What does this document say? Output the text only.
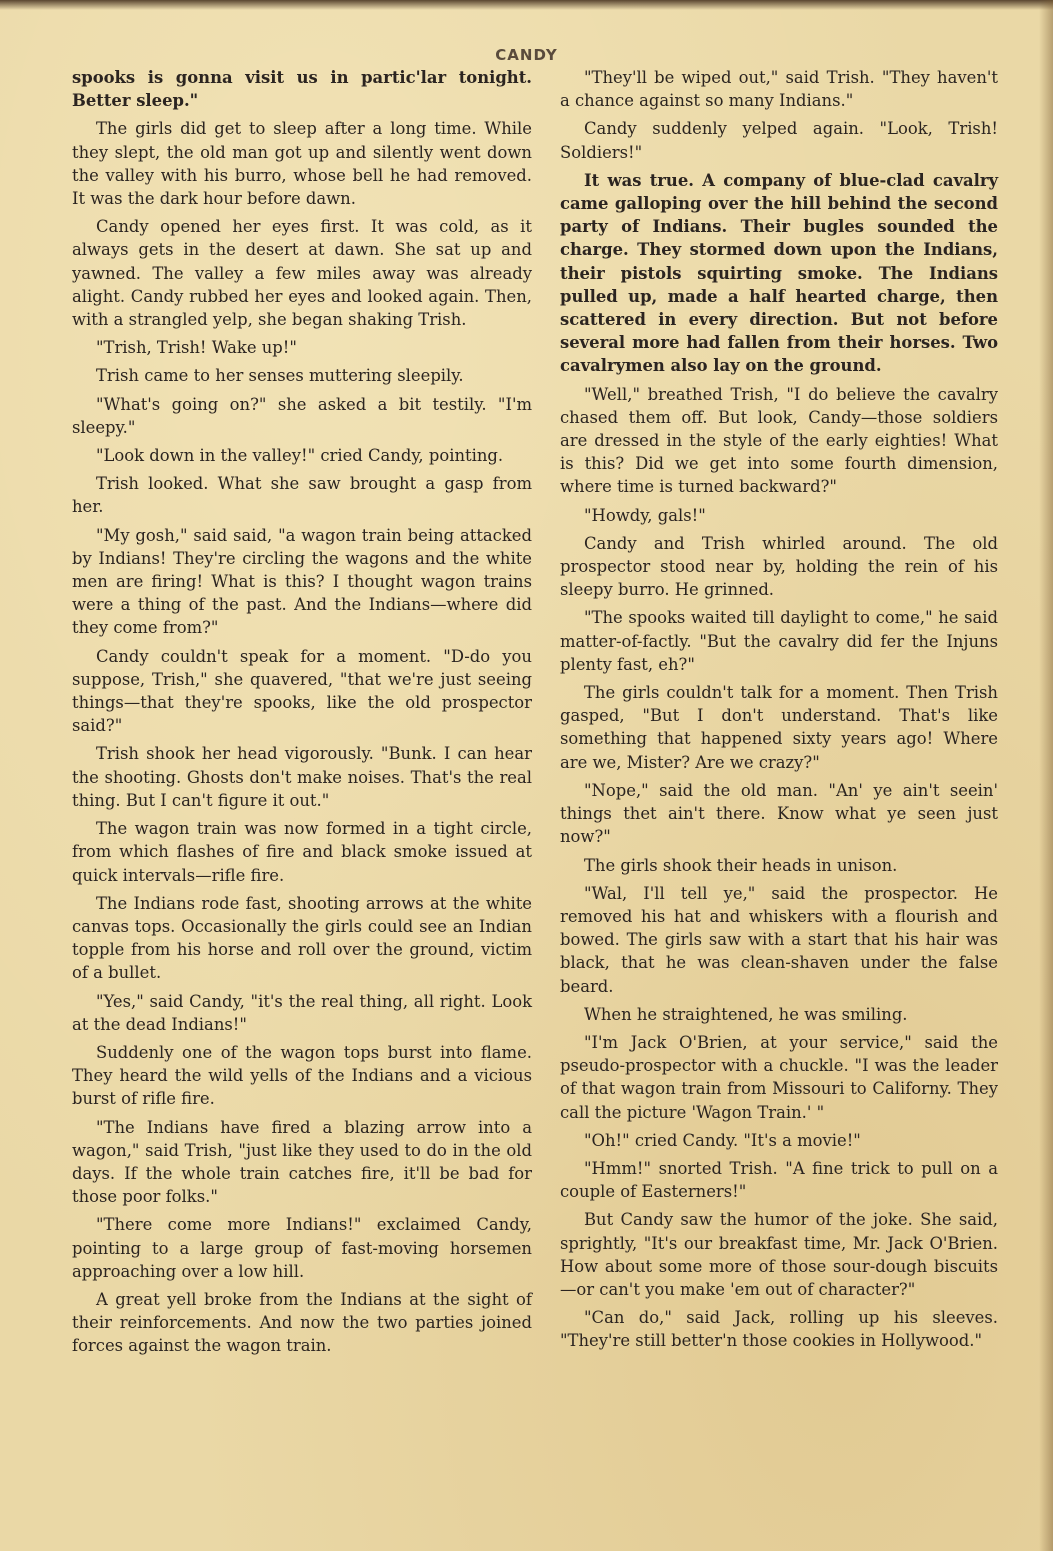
CANDY

spooks is gonna visit us in partic'lar tonight. Better sleep."

The girls did get to sleep after a long time. While they slept, the old man got up and silently went down the valley with his burro, whose bell he had removed. It was the dark hour before dawn.

Candy opened her eyes first. It was cold, as it always gets in the desert at dawn. She sat up and yawned. The valley a few miles away was already alight. Candy rubbed her eyes and looked again. Then, with a strangled yelp, she began shaking Trish.

"Trish, Trish! Wake up!"

Trish came to her senses muttering sleepily.

"What's going on?" she asked a bit testily. "I'm sleepy."

"Look down in the valley!" cried Candy, pointing.

Trish looked. What she saw brought a gasp from her.

"My gosh," said said, "a wagon train being attacked by Indians! They're circling the wagons and the white men are firing! What is this? I thought wagon trains were a thing of the past. And the Indians—where did they come from?"

Candy couldn't speak for a moment. "D-do you suppose, Trish," she quavered, "that we're just seeing things—that they're spooks, like the old prospector said?"

Trish shook her head vigorously. "Bunk. I can hear the shooting. Ghosts don't make noises. That's the real thing. But I can't figure it out."

The wagon train was now formed in a tight circle, from which flashes of fire and black smoke issued at quick intervals—rifle fire.

The Indians rode fast, shooting arrows at the white canvas tops. Occasionally the girls could see an Indian topple from his horse and roll over the ground, victim of a bullet.

"Yes," said Candy, "it's the real thing, all right. Look at the dead Indians!"

Suddenly one of the wagon tops burst into flame. They heard the wild yells of the Indians and a vicious burst of rifle fire.

"The Indians have fired a blazing arrow into a wagon," said Trish, "just like they used to do in the old days. If the whole train catches fire, it'll be bad for those poor folks."

"There come more Indians!" exclaimed Candy, pointing to a large group of fast-moving horsemen approaching over a low hill.

A great yell broke from the Indians at the sight of their reinforcements. And now the two parties joined forces against the wagon train.

"They'll be wiped out," said Trish. "They haven't a chance against so many Indians."

Candy suddenly yelped again. "Look, Trish! Soldiers!"

It was true. A company of blue-clad cavalry came galloping over the hill behind the second party of Indians. Their bugles sounded the charge. They stormed down upon the Indians, their pistols squirting smoke. The Indians pulled up, made a half hearted charge, then scattered in every direction. But not before several more had fallen from their horses. Two cavalrymen also lay on the ground.

"Well," breathed Trish, "I do believe the cavalry chased them off. But look, Candy—those soldiers are dressed in the style of the early eighties! What is this? Did we get into some fourth dimension, where time is turned backward?"

"Howdy, gals!"

Candy and Trish whirled around. The old prospector stood near by, holding the rein of his sleepy burro. He grinned.

"The spooks waited till daylight to come," he said matter-of-factly. "But the cavalry did fer the Injuns plenty fast, eh?"

The girls couldn't talk for a moment. Then Trish gasped, "But I don't understand. That's like something that happened sixty years ago! Where are we, Mister? Are we crazy?"

"Nope," said the old man. "An' ye ain't seein' things thet ain't there. Know what ye seen just now?"

The girls shook their heads in unison.

"Wal, I'll tell ye," said the prospector. He removed his hat and whiskers with a flourish and bowed. The girls saw with a start that his hair was black, that he was clean-shaven under the false beard.

When he straightened, he was smiling.

"I'm Jack O'Brien, at your service," said the pseudo-prospector with a chuckle. "I was the leader of that wagon train from Missouri to Californy. They call the picture 'Wagon Train.' "

"Oh!" cried Candy. "It's a movie!"

"Hmm!" snorted Trish. "A fine trick to pull on a couple of Easterners!"

But Candy saw the humor of the joke. She said, sprightly, "It's our breakfast time, Mr. Jack O'Brien. How about some more of those sour-dough biscuits—or can't you make 'em out of character?"

"Can do," said Jack, rolling up his sleeves. "They're still better'n those cookies in Hollywood."
